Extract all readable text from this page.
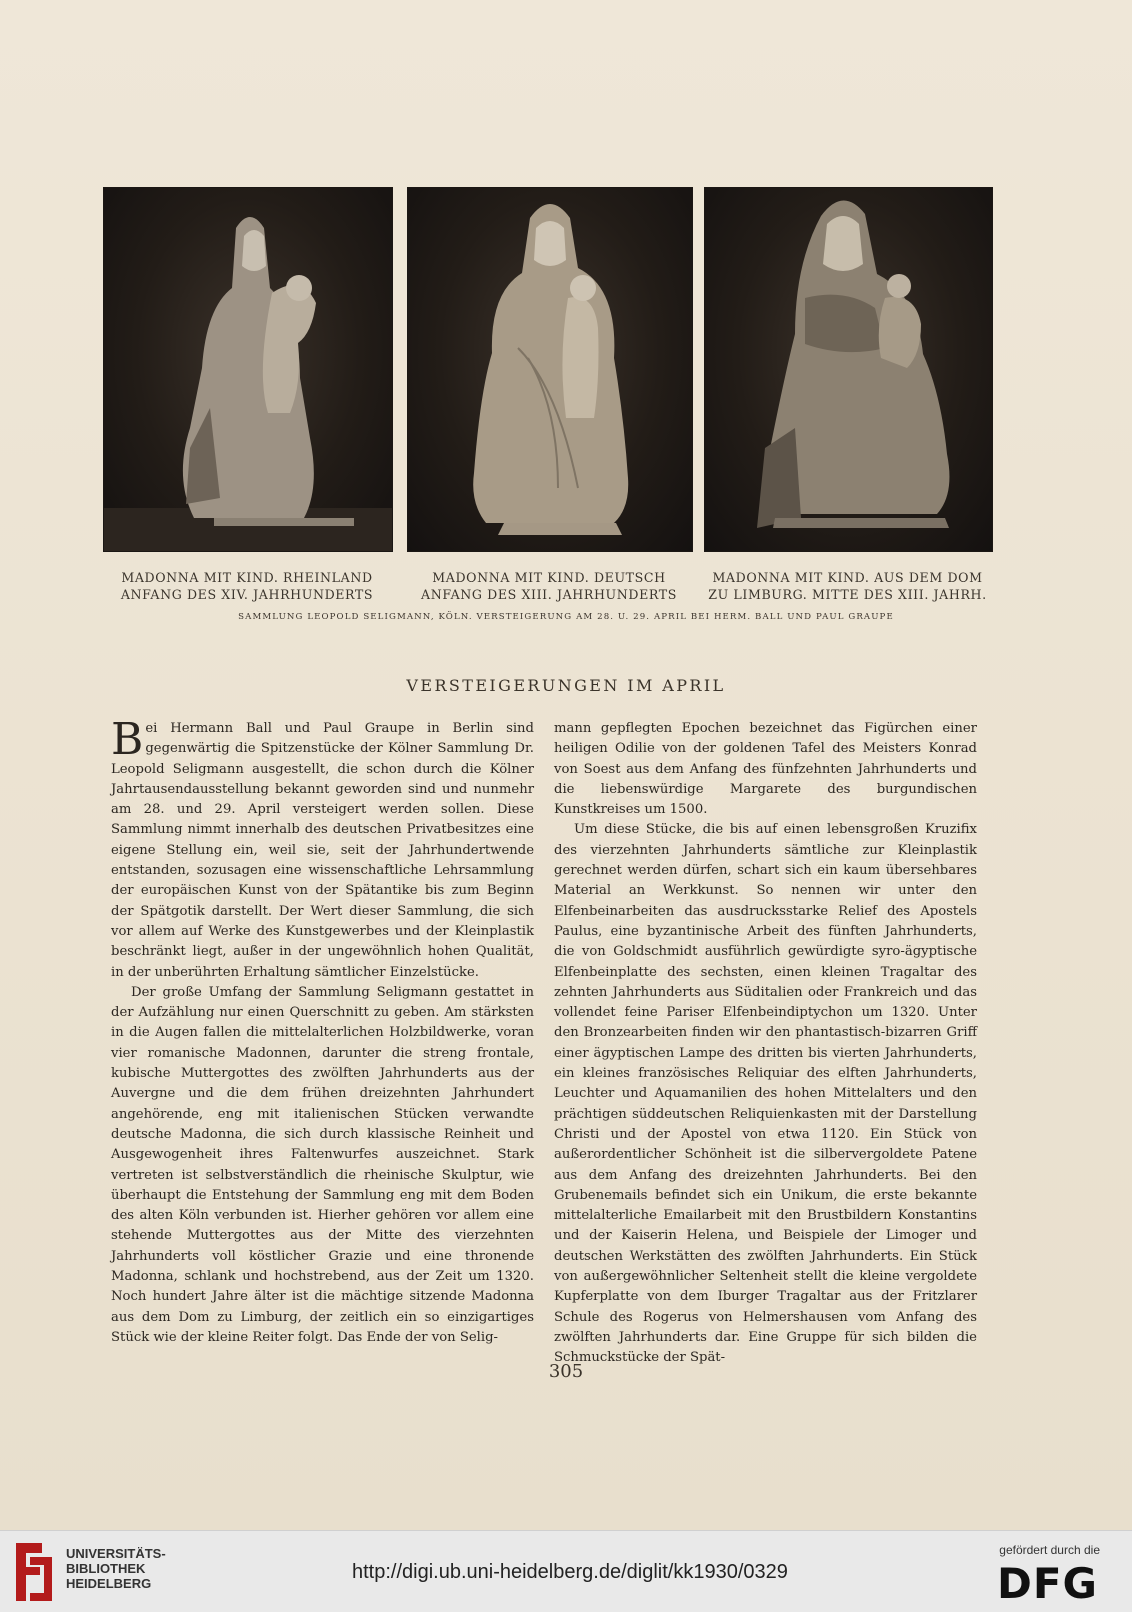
MADONNA MIT KIND. RHEINLAND
ANFANG DES XIV. JAHRHUNDERTS
MADONNA MIT KIND. DEUTSCH
ANFANG DES XIII. JAHRHUNDERTS
MADONNA MIT KIND. AUS DEM DOM
ZU LIMBURG. MITTE DES XIII. JAHRH.
SAMMLUNG LEOPOLD SELIGMANN, KÖLN. VERSTEIGERUNG AM 28. U. 29. APRIL BEI HERM. BALL UND PAUL GRAUPE
VERSTEIGERUNGEN IM APRIL

Bei Hermann Ball und Paul Graupe in Berlin sind gegenwärtig die Spitzenstücke der Kölner Sammlung Dr. Leopold Seligmann ausgestellt, die schon durch die Kölner Jahrtausendausstellung bekannt geworden sind und nunmehr am 28. und 29. April versteigert werden sollen. Diese Sammlung nimmt innerhalb des deutschen Privatbesitzes eine eigene Stellung ein, weil sie, seit der Jahrhundertwende entstanden, sozusagen eine wissenschaftliche Lehrsammlung der europäischen Kunst von der Spätantike bis zum Beginn der Spätgotik darstellt. Der Wert dieser Sammlung, die sich vor allem auf Werke des Kunstgewerbes und der Kleinplastik beschränkt liegt, außer in der ungewöhnlich hohen Qualität, in der unberührten Erhaltung sämtlicher Einzelstücke.

Der große Umfang der Sammlung Seligmann gestattet in der Aufzählung nur einen Querschnitt zu geben. Am stärksten in die Augen fallen die mittelalterlichen Holzbildwerke, voran vier romanische Madonnen, darunter die streng frontale, kubische Muttergottes des zwölften Jahrhunderts aus der Auvergne und die dem frühen dreizehnten Jahrhundert angehörende, eng mit italienischen Stücken verwandte deutsche Madonna, die sich durch klassische Reinheit und Ausgewogenheit ihres Faltenwurfes auszeichnet. Stark vertreten ist selbstverständlich die rheinische Skulptur, wie überhaupt die Entstehung der Sammlung eng mit dem Boden des alten Köln verbunden ist. Hierher gehören vor allem eine stehende Muttergottes aus der Mitte des vierzehnten Jahrhunderts voll köstlicher Grazie und eine thronende Madonna, schlank und hochstrebend, aus der Zeit um 1320. Noch hundert Jahre älter ist die mächtige sitzende Madonna aus dem Dom zu Limburg, der zeitlich ein so einzigartiges Stück wie der kleine Reiter folgt. Das Ende der von Selig-

mann gepflegten Epochen bezeichnet das Figürchen einer heiligen Odilie von der goldenen Tafel des Meisters Konrad von Soest aus dem Anfang des fünfzehnten Jahrhunderts und die liebenswürdige Margarete des burgundischen Kunstkreises um 1500.

Um diese Stücke, die bis auf einen lebensgroßen Kruzifix des vierzehnten Jahrhunderts sämtliche zur Kleinplastik gerechnet werden dürfen, schart sich ein kaum übersehbares Material an Werkkunst. So nennen wir unter den Elfenbeinarbeiten das ausdrucksstarke Relief des Apostels Paulus, eine byzantinische Arbeit des fünften Jahrhunderts, die von Goldschmidt ausführlich gewürdigte syro-ägyptische Elfenbeinplatte des sechsten, einen kleinen Tragaltar des zehnten Jahrhunderts aus Süditalien oder Frankreich und das vollendet feine Pariser Elfenbeindiptychon um 1320. Unter den Bronzearbeiten finden wir den phantastisch-bizarren Griff einer ägyptischen Lampe des dritten bis vierten Jahrhunderts, ein kleines französisches Reliquiar des elften Jahrhunderts, Leuchter und Aquamanilien des hohen Mittelalters und den prächtigen süddeutschen Reliquienkasten mit der Darstellung Christi und der Apostel von etwa 1120. Ein Stück von außerordentlicher Schönheit ist die silbervergoldete Patene aus dem Anfang des dreizehnten Jahrhunderts. Bei den Grubenemails befindet sich ein Unikum, die erste bekannte mittelalterliche Emailarbeit mit den Brustbildern Konstantins und der Kaiserin Helena, und Beispiele der Limoger und deutschen Werkstätten des zwölften Jahrhunderts. Ein Stück von außergewöhnlicher Seltenheit stellt die kleine vergoldete Kupferplatte von dem Iburger Tragaltar aus der Fritzlarer Schule des Rogerus von Helmershausen vom Anfang des zwölften Jahrhunderts dar. Eine Gruppe für sich bilden die Schmuckstücke der Spät-

305
UNIVERSITÄTS-
BIBLIOTHEK
HEIDELBERG
http://digi.ub.uni-heidelberg.de/diglit/kk1930/0329
gefördert durch die
DFG
